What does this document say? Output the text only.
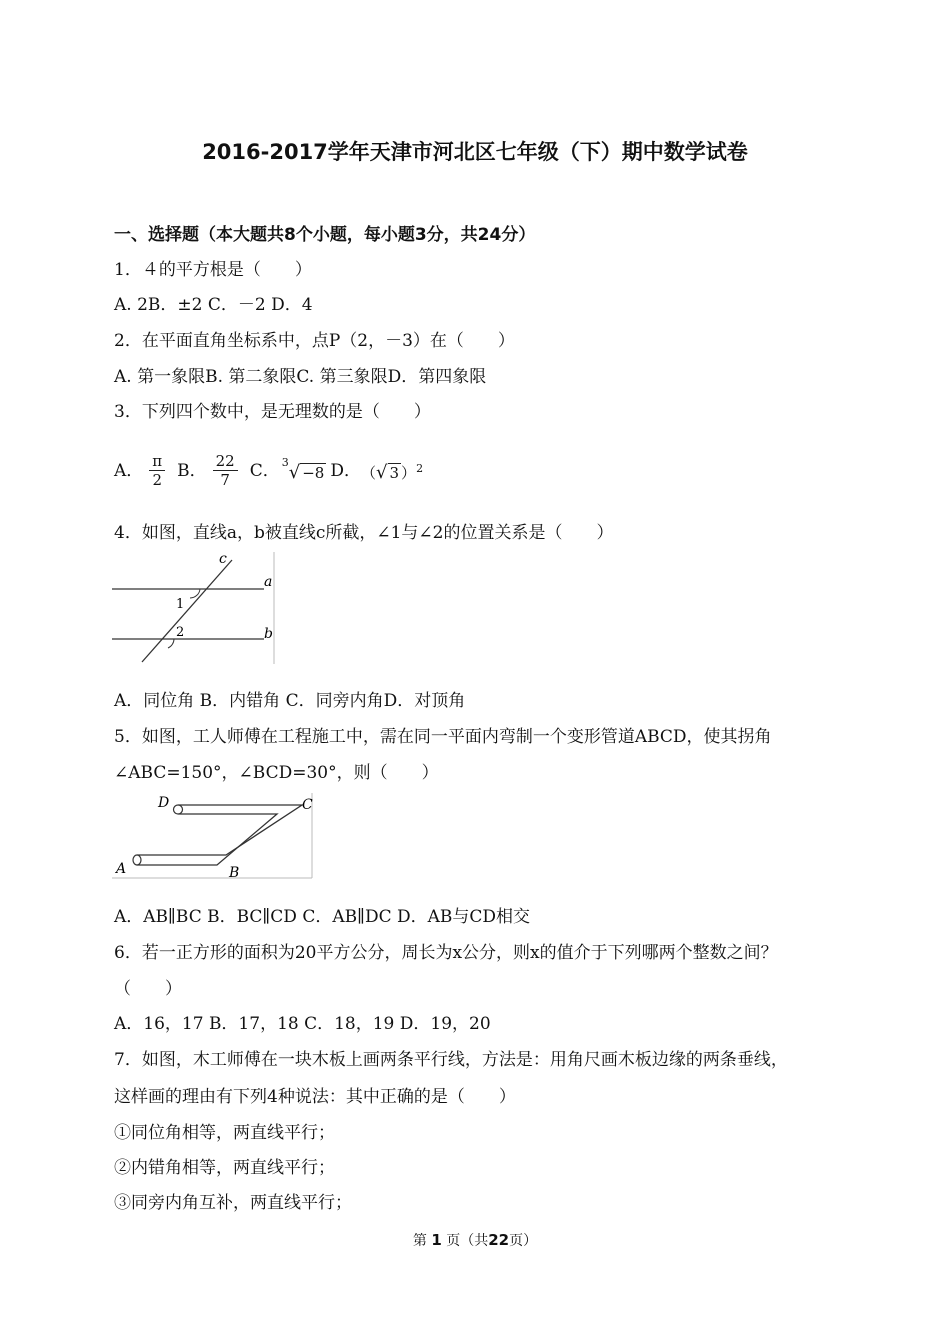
2016-2017学年天津市河北区七年级（下）期中数学试卷
一、选择题（本大题共8个小题，每小题3分，共24分）
1．４的平方根是（　　）
A. 2B．±2 C．－2 D．4
2．在平面直角坐标系中，点P（2，－3）在（　　）
A. 第一象限B. 第二象限C. 第三象限D．第四象限
3．下列四个数中，是无理数的是（　　）
A． $\frac{\pi}{2}$ B． $\frac{22}{7}$ C． $^3$√ −8 D． （√ 3 ）$^2$
4．如图，直线a，b被直线c所截，∠1与∠2的位置关系是（　　）
c
a
b
1
2
A．同位角 B．内错角 C．同旁内角D．对顶角
5．如图，工人师傅在工程施工中，需在同一平面内弯制一个变形管道ABCD，使其拐角
∠ABC=150°，∠BCD=30°，则（　　）
D	C
A	B
A．AB∥BC B．BC∥CD C．AB∥DC D．AB与CD相交
6．若一正方形的面积为20平方公分，周长为x公分，则x的值介于下列哪两个整数之间？
（　　）
A．16，17 B．17，18 C．18，19 D．19，20
7．如图，木工师傅在一块木板上画两条平行线，方法是：用角尺画木板边缘的两条垂线，
这样画的理由有下列4种说法：其中正确的是（　　）
①同位角相等，两直线平行；
②内错角相等，两直线平行；
③同旁内角互补，两直线平行；
第 1 页（共22页）
